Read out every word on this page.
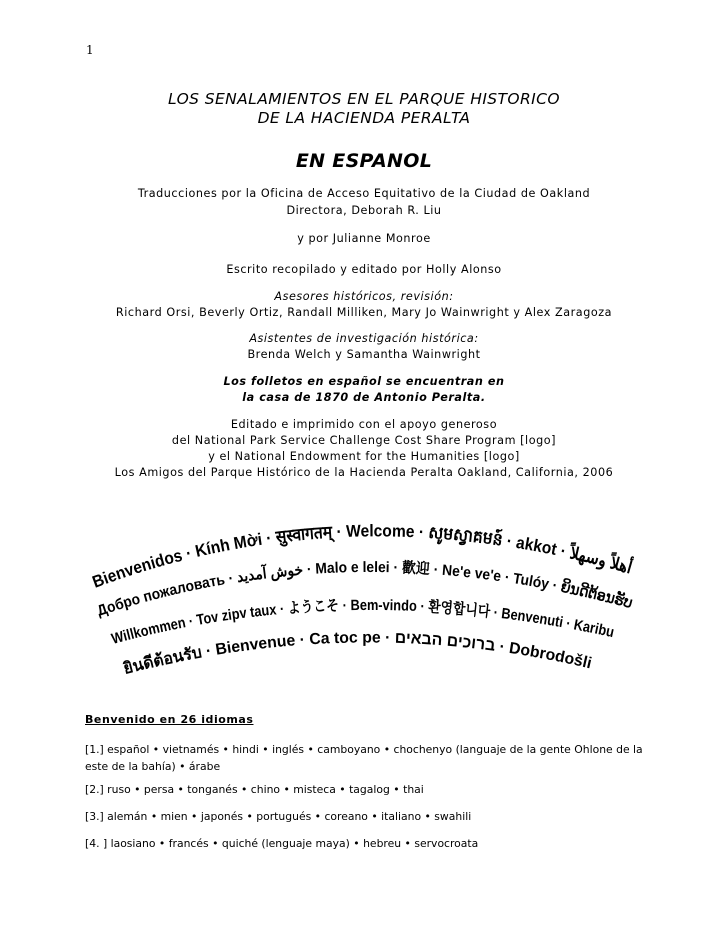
1
LOS SENALAMIENTOS EN EL PARQUE HISTORICO
DE LA HACIENDA PERALTA
EN ESPANOL
Traducciones por la Oficina de Acceso Equitativo de la Ciudad de Oakland
Directora, Deborah R. Liu
y por Julianne Monroe
Escrito recopilado y editado por Holly Alonso
Asesores históricos, revisión:
Richard Orsi, Beverly Ortiz, Randall Milliken, Mary Jo Wainwright y Alex Zaragoza
Asistentes de investigación histórica:
Brenda Welch y Samantha Wainwright
Los folletos en español se encuentran en
la casa de 1870 de Antonio Peralta.
Editado e imprimido con el apoyo generoso
del National Park Service Challenge Cost Share Program [logo]
y el National Endowment for the Humanities [logo]
Los Amigos del Parque Histórico de la Hacienda Peralta Oakland, California, 2006
Bienvenidos · Kính Mời · सुस्वागतम् · Welcome · សូមស្វាគមន៍ · akkot · أهلاً وسهلاً
Добро пожаловать · خوش آمدید · Malo e lelei · 歡迎 · Ne'e ve'e · Tulóy · ຍິນດີຕ້ອນຮັບ
Willkommen · Tov zipv taux · ようこそ · Bem-vindo · 환영합니다 · Benvenuti · Karibu
ยินดีต้อนรับ · Bienvenue · Ca toc pe · ברוכים הבאים · Dobrodošli
Benvenido en 26 idiomas
[1.] español • vietnamés • hindi • inglés • camboyano • chochenyo (languaje de la gente Ohlone de la este de la bahía) • árabe
[2.] ruso • persa • tonganés • chino • misteca • tagalog • thai
[3.] alemán • mien • japonés • portugués • coreano • italiano • swahili
[4. ] laosiano • francés • quiché (lenguaje maya) • hebreu • servocroata
